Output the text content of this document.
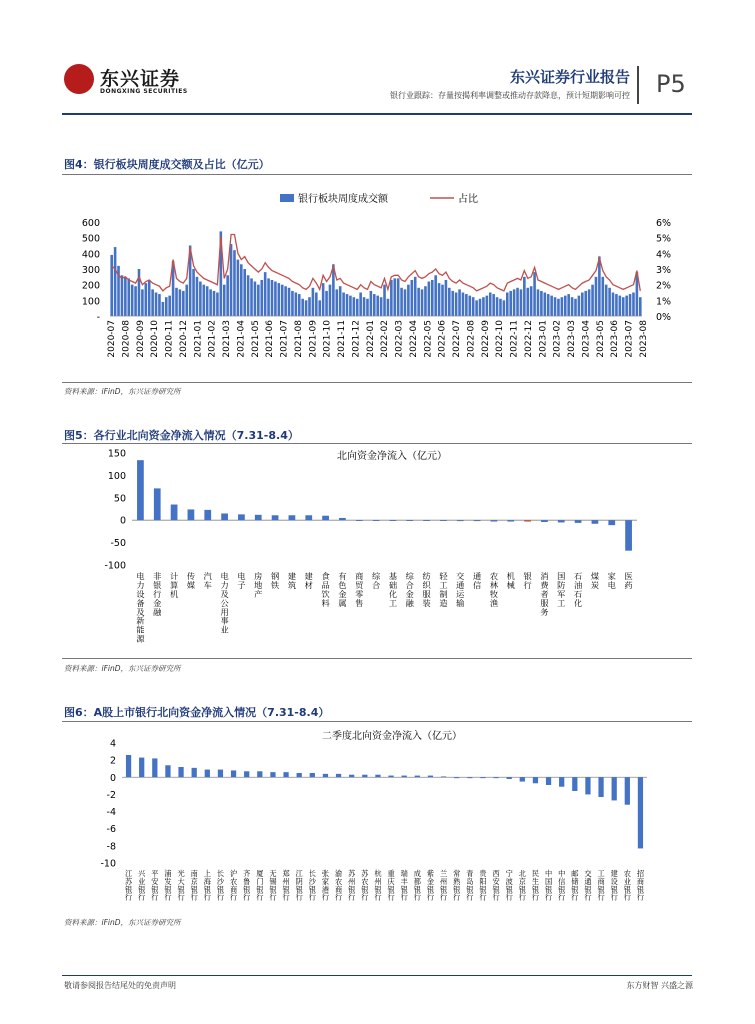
东兴证券
DONGXING SECURITIES
东兴证券行业报告
银行业跟踪：存量按揭利率调整或推动存款降息，预计短期影响可控 P5
图4：银行板块周度成交额及占比（亿元）
银行板块周度成交额	占比
600
500
400
300
200
100
-
6%
5%
4%
3%
2%
1%
0%
2020-07 2020-08 2020-09 2020-10 2020-11 2020-12 2021-01 2021-02 2021-03 2021-04 2021-05 2021-06 2021-07 2021-08 2021-09 2021-10 2021-11 2021-12 2022-01 2022-02 2022-03 2022-04 2022-05 2022-06 2022-07 2022-08 2022-09 2022-10 2022-11 2022-12 2023-01 2023-02 2023-03 2023-04 2023-05 2023-06 2023-07 2023-08
资料来源：iFinD，东兴证券研究所
图5：各行业北向资金净流入情况（7.31-8.4）
北向资金净流入（亿元）
150
100
50
0
-50
-100
电力设备及新能源
非银行金融
计算机
传媒
汽车
电力及公用事业
电子
房地产
钢铁
建筑
建材
食品饮料
有色金属
商贸零售
综合
基础化工
综合金融
纺织服装
轻工制造
交通运输
通信
农林牧渔
机械
银行
消费者服务
国防军工
石油石化
煤炭
家电
医药
资料来源：iFinD，东兴证券研究所
图6：A股上市银行北向资金净流入情况（7.31-8.4）
二季度北向资金净流入（亿元）
4
2
0
-2
-4
-6
-8
-10
江苏银行
兴业银行
平安银行
浦发银行
光大银行
南京银行
上海银行
长沙银行
沪农商行
齐鲁银行
厦门银行
无锡银行
郑州银行
江阴银行
长沙银行
张家港行
渝农商行
苏州银行
苏农银行
杭州银行
重庆银行
瑞丰银行
成都银行
紫金银行
兰州银行
常熟银行
青岛银行
贵阳银行
西安银行
宁波银行
北京银行
民生银行
中国银行
中信银行
邮储银行
交通银行
工商银行
建设银行
农业银行
招商银行
资料来源：iFinD，东兴证券研究所
敬请参阅报告结尾处的免责声明	东方财智 兴盛之源
